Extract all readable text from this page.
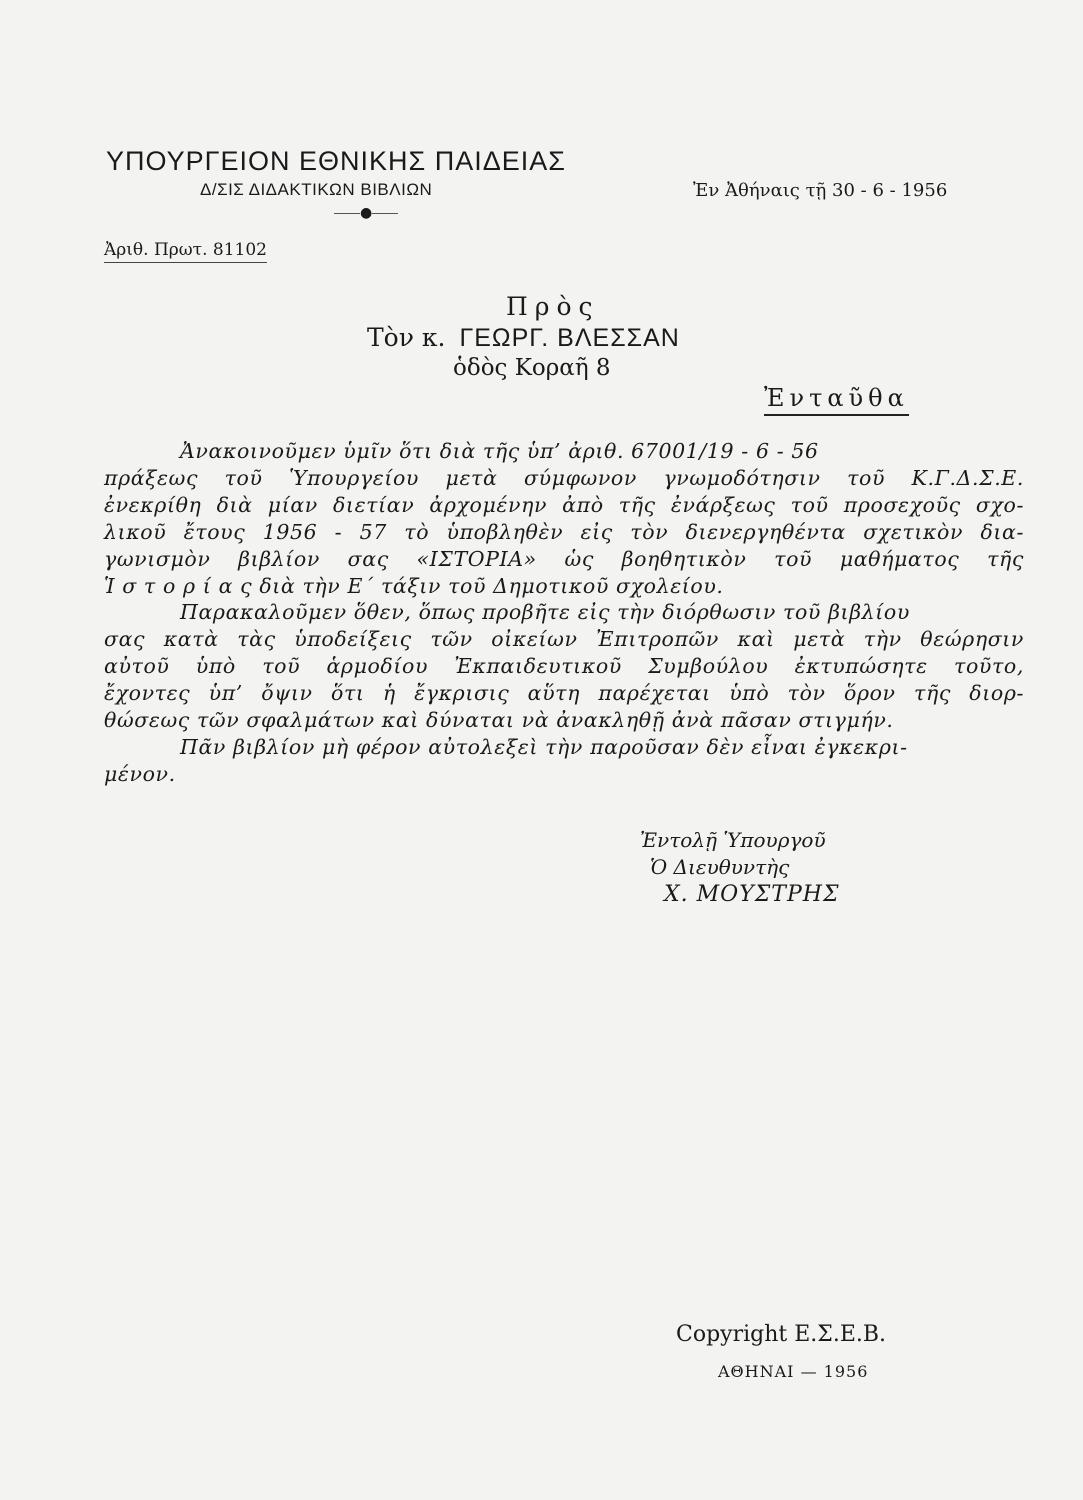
ΥΠΟΥΡΓΕΙΟΝ ΕΘΝΙΚΗΣ ΠΑΙΔΕΙΑΣ
Δ/ΣΙΣ ΔΙΔΑΚΤΙΚΩΝ ΒΙΒΛΙΩΝ
●
Ἐν Ἀθήναις τῇ 30 - 6 - 1956
Ἀριθ. Πρωτ. 81102
Πρὸς
Τὸν κ. ΓΕΩΡΓ. ΒΛΕΣΣΑΝ
ὁδὸς Κοραῆ 8
Ἐνταῦθα
Ἀνακοινοῦμεν ὑμῖν ὅτι διὰ τῆς ὑπ’ ἀριθ. 67001/19 - 6 - 56
πράξεως τοῦ Ὑπουργείου μετὰ σύμφωνον γνωμοδότησιν τοῦ Κ.Γ.Δ.Σ.Ε.
ἐνεκρίθη διὰ μίαν διετίαν ἀρχομένην ἀπὸ τῆς ἐνάρξεως τοῦ προσεχοῦς σχο-
λικοῦ ἔτους 1956 - 57 τὸ ὑποβληθὲν εἰς τὸν διενεργηθέντα σχετικὸν δια-
γωνισμὸν βιβλίον σας «ΙΣΤΟΡΙΑ» ὡς βοηθητικὸν τοῦ μαθήματος τῆς
Ἱ σ τ ο ρ ί α ς διὰ τὴν Ε΄ τάξιν τοῦ Δημοτικοῦ σχολείου.
Παρακαλοῦμεν ὅθεν, ὅπως προβῆτε εἰς τὴν διόρθωσιν τοῦ βιβλίου
σας κατὰ τὰς ὑποδείξεις τῶν οἰκείων Ἐπιτροπῶν καὶ μετὰ τὴν θεώρησιν
αὐτοῦ ὑπὸ τοῦ ἁρμοδίου Ἐκπαιδευτικοῦ Συμβούλου ἐκτυπώσητε τοῦτο,
ἔχοντες ὑπ’ ὄψιν ὅτι ἡ ἔγκρισις αὕτη παρέχεται ὑπὸ τὸν ὅρον τῆς διορ-
θώσεως τῶν σφαλμάτων καὶ δύναται νὰ ἀνακληθῇ ἀνὰ πᾶσαν στιγμήν.
Πᾶν βιβλίον μὴ φέρον αὐτολεξεὶ τὴν παροῦσαν δὲν εἶναι ἐγκεκρι-
μένον.
Ἐντολῇ Ὑπουργοῦ
Ὁ Διευθυντὴς
Χ. ΜΟΥΣΤΡΗΣ
Copyright Ε.Σ.Ε.Β.
ΑΘΗΝΑΙ — 1956
